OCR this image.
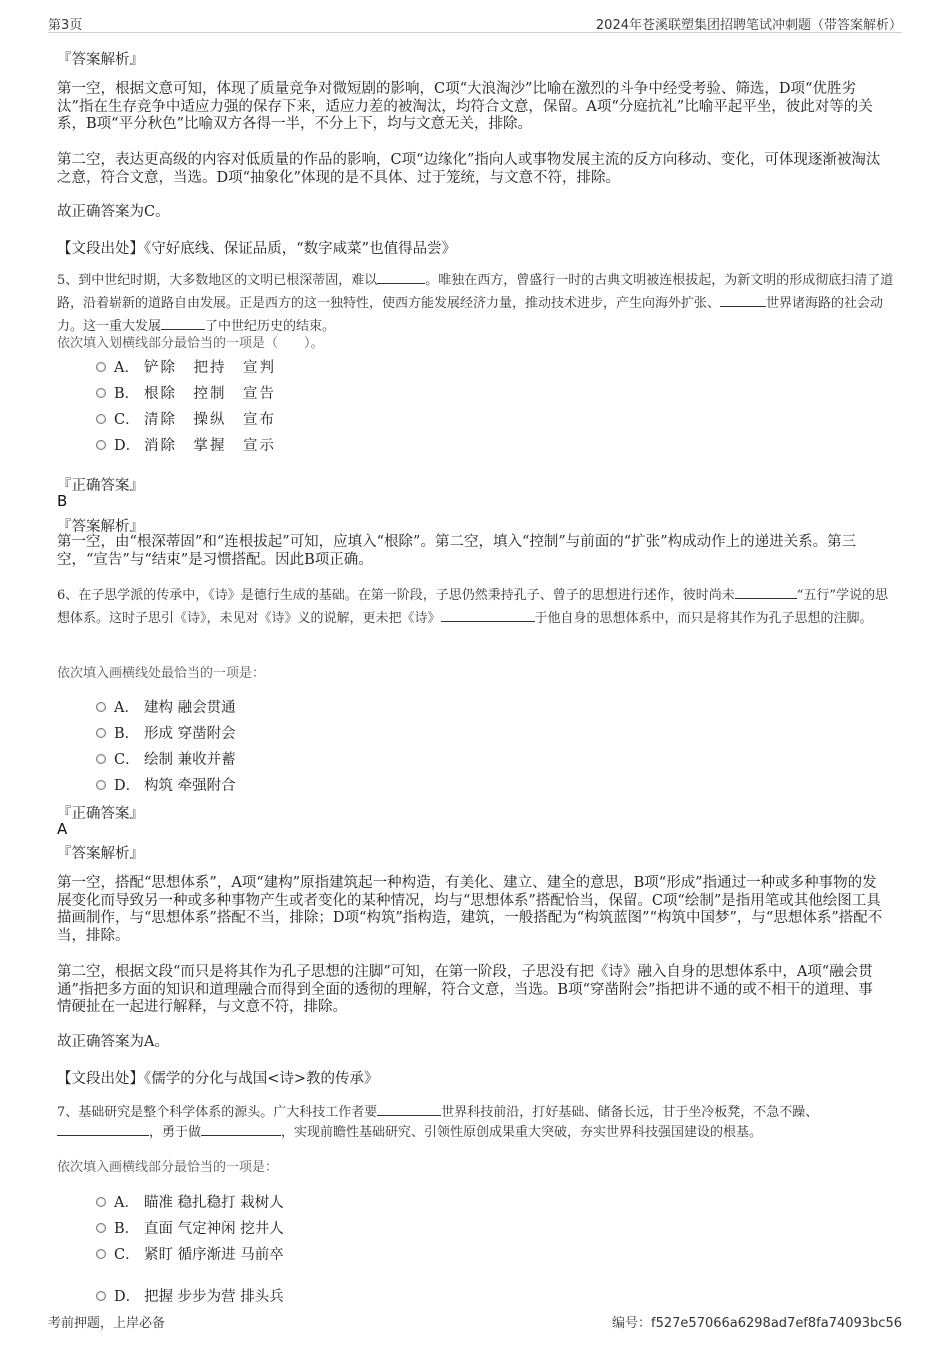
第3页	2024年苍溪联塑集团招聘笔试冲刺题（带答案解析）
『答案解析』
第一空，根据文意可知，体现了质量竞争对微短剧的影响，C项“大浪淘沙”比喻在激烈的斗争中经受考验、筛选，D项“优胜劣汰”指在生存竞争中适应力强的保存下来，适应力差的被淘汰，均符合文意，保留。A项“分庭抗礼”比喻平起平坐，彼此对等的关系，B项“平分秋色”比喻双方各得一半，不分上下，均与文意无关，排除。
第二空，表达更高级的内容对低质量的作品的影响，C项“边缘化”指向人或事物发展主流的反方向移动、变化，可体现逐渐被淘汰之意，符合文意，当选。D项“抽象化”体现的是不具体、过于笼统，与文意不符，排除。
故正确答案为C。
【文段出处】《守好底线、保证品质，“数字咸菜”也值得品尝》
5、到中世纪时期，大多数地区的文明已根深蒂固，难以	。唯独在西方，曾盛行一时的古典文明被连根拔起，为新文明的形成彻底扫清了道路，沿着崭新的道路自由发展。正是西方的这一独特性，使西方能发展经济力量，推动技术进步，产生向海外扩张、	世界诸海路的社会动力。这一重大发展	了中世纪历史的结束。
依次填入划横线部分最恰当的一项是（　　）。
A． 铲除　把持　宣判
B． 根除　控制　宣告
C． 清除　操纵　宣布
D． 消除　掌握　宣示
『正确答案』
B
『答案解析』
第一空，由“根深蒂固”和“连根拔起”可知，应填入“根除”。第二空，填入“控制”与前面的“扩张”构成动作上的递进关系。第三空，“宣告”与“结束”是习惯搭配。因此B项正确。
6、在子思学派的传承中，《诗》是德行生成的基础。在第一阶段，子思仍然秉持孔子、曾子的思想进行述作，彼时尚未	“五行”学说的思想体系。这时子思引《诗》，未见对《诗》义的说解，更未把《诗》	于他自身的思想体系中，而只是将其作为孔子思想的注脚。
依次填入画横线处最恰当的一项是：
A． 建构 融会贯通
B． 形成 穿凿附会
C． 绘制 兼收并蓄
D． 构筑 牵强附合
『正确答案』
A
『答案解析』
第一空，搭配“思想体系”，A项“建构”原指建筑起一种构造，有美化、建立、建全的意思，B项“形成”指通过一种或多种事物的发展变化而导致另一种或多种事物产生或者变化的某种情况，均与“思想体系”搭配恰当，保留。C项“绘制”是指用笔或其他绘图工具描画制作，与“思想体系”搭配不当，排除；D项“构筑”指构造，建筑，一般搭配为“构筑蓝图”“构筑中国梦”，与“思想体系”搭配不当，排除。
第二空，根据文段“而只是将其作为孔子思想的注脚”可知，在第一阶段，子思没有把《诗》融入自身的思想体系中，A项“融会贯通”指把多方面的知识和道理融合而得到全面的透彻的理解，符合文意，当选。B项“穿凿附会”指把讲不通的或不相干的道理、事情硬扯在一起进行解释，与文意不符，排除。
故正确答案为A。
【文段出处】《儒学的分化与战国<诗>教的传承》
7、基础研究是整个科学体系的源头。广大科技工作者要	世界科技前沿，打好基础、储备长远，甘于坐冷板凳，不急不躁、，勇于做	，实现前瞻性基础研究、引领性原创成果重大突破，夯实世界科技强国建设的根基。
依次填入画横线部分最恰当的一项是：
A． 瞄准 稳扎稳打 栽树人
B． 直面 气定神闲 挖井人
C． 紧盯 循序渐进 马前卒
D． 把握 步步为营 排头兵
考前押题，上岸必备	编号：f527e57066a6298ad7ef8fa74093bc56
